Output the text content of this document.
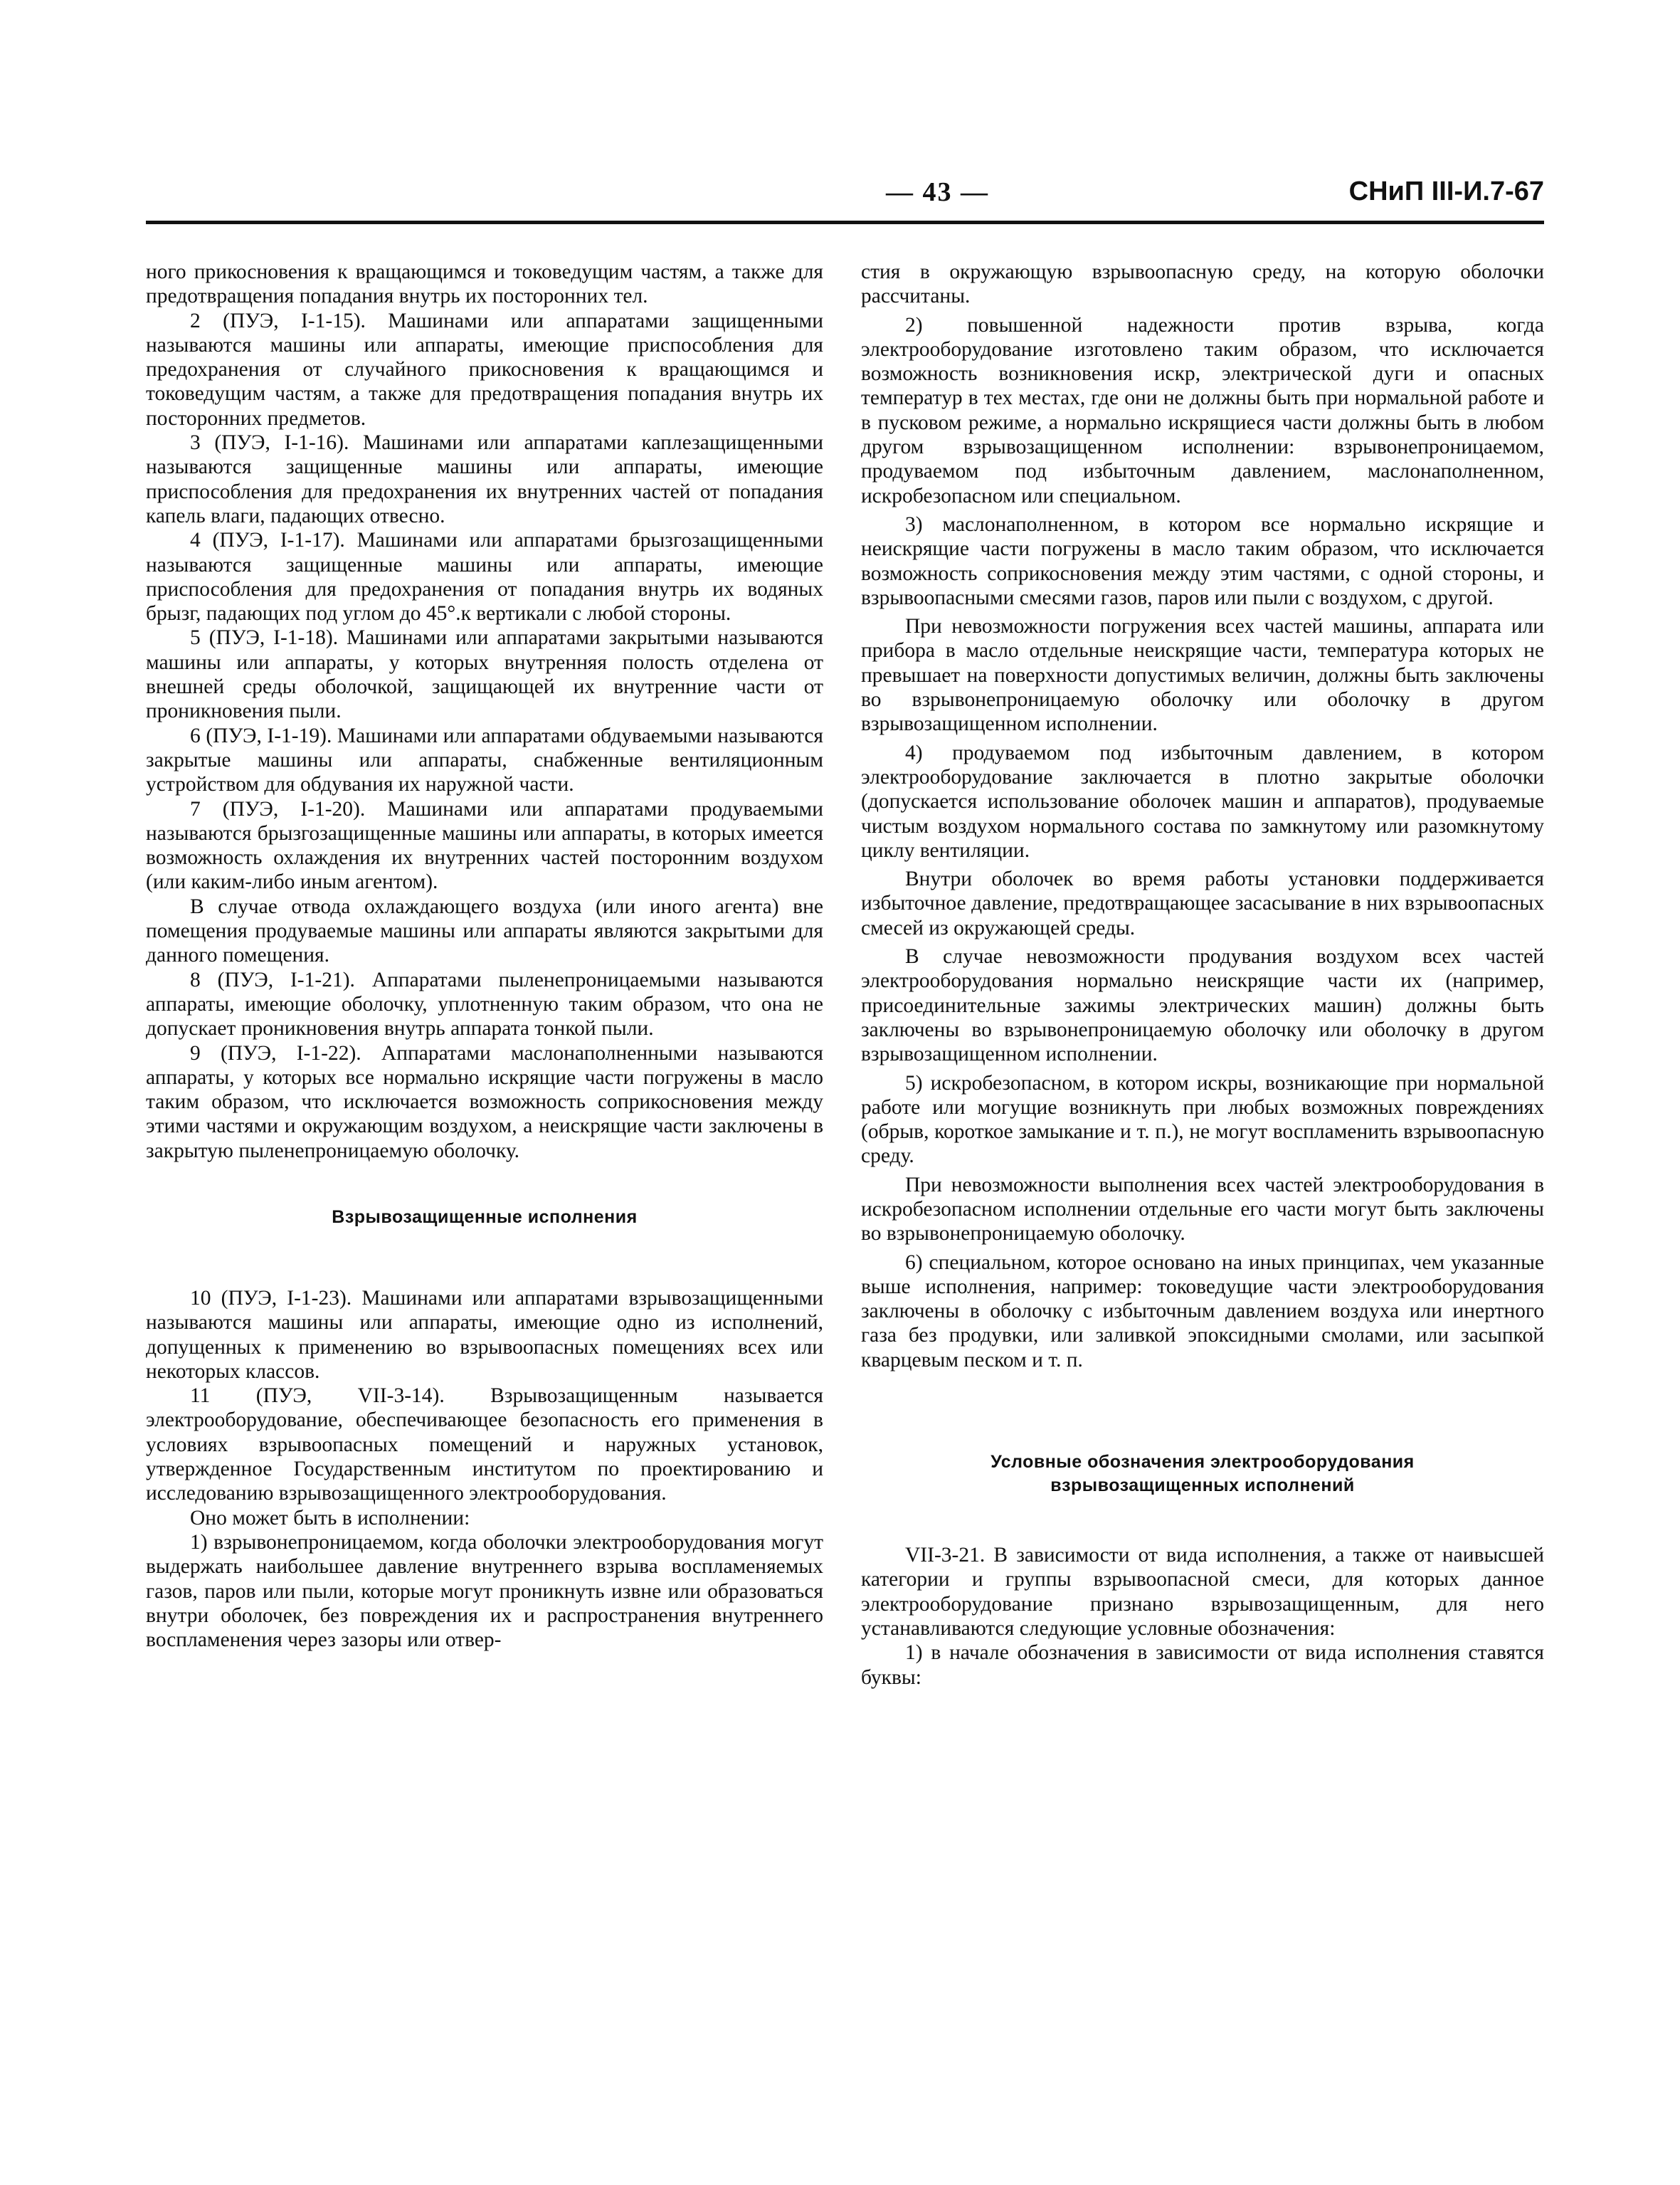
— 43 —	СНиП III-И.7-67

ного прикосновения к вращающимся и токоведущим частям, а также для предотвращения попадания внутрь их посторонних тел.

2 (ПУЭ, I-1-15). Машинами или аппаратами защищенными называются машины или аппараты, имеющие приспособления для предохранения от случайного прикосновения к вращающимся и токоведущим частям, а также для предотвращения попадания внутрь их посторонних предметов.

3 (ПУЭ, I-1-16). Машинами или аппаратами каплезащищенными называются защищенные машины или аппараты, имеющие приспособления для предохранения их внутренних частей от попадания капель влаги, падающих отвесно.

4 (ПУЭ, I-1-17). Машинами или аппаратами брызгозащищенными называются защищенные машины или аппараты, имеющие приспособления для предохранения от попадания внутрь их водяных брызг, падающих под углом до 45°.к вертикали с любой стороны.

5 (ПУЭ, I-1-18). Машинами или аппаратами закрытыми называются машины или аппараты, у которых внутренняя полость отделена от внешней среды оболочкой, защищающей их внутренние части от проникновения пыли.

6 (ПУЭ, I-1-19). Машинами или аппаратами обдуваемыми называются закрытые машины или аппараты, снабженные вентиляционным устройством для обдувания их наружной части.

7 (ПУЭ, I-1-20). Машинами или аппаратами продуваемыми называются брызгозащищенные машины или аппараты, в которых имеется возможность охлаждения их внутренних частей посторонним воздухом (или каким-либо иным агентом).

В случае отвода охлаждающего воздуха (или иного агента) вне помещения продуваемые машины или аппараты являются закрытыми для данного помещения.

8 (ПУЭ, I-1-21). Аппаратами пыленепроницаемыми называются аппараты, имеющие оболочку, уплотненную таким образом, что она не допускает проникновения внутрь аппарата тонкой пыли.

9 (ПУЭ, I-1-22). Аппаратами маслонаполненными называются аппараты, у которых все нормально искрящие части погружены в масло таким образом, что исключается возможность соприкосновения между этими частями и окружающим воздухом, а неискрящие части заключены в закрытую пыленепроницаемую оболочку.

Взрывозащищенные исполнения

10 (ПУЭ, I-1-23). Машинами или аппаратами взрывозащищенными называются машины или аппараты, имеющие одно из исполнений, допущенных к применению во взрывоопасных помещениях всех или некоторых классов.

11 (ПУЭ, VII-3-14). Взрывозащищенным называется электрооборудование, обеспечивающее безопасность его применения в условиях взрывоопасных помещений и наружных установок, утвержденное Государственным институтом по проектированию и исследованию взрывозащищенного электрооборудования.

Оно может быть в исполнении:

1) взрывонепроницаемом, когда оболочки электрооборудования могут выдержать наибольшее давление внутреннего взрыва воспламеняемых газов, паров или пыли, которые могут проникнуть извне или образоваться внутри оболочек, без повреждения их и распространения внутреннего воспламенения через зазоры или отвер-

стия в окружающую взрывоопасную среду, на которую оболочки рассчитаны.

2) повышенной надежности против взрыва, когда электрооборудование изготовлено таким образом, что исключается возможность возникновения искр, электрической дуги и опасных температур в тех местах, где они не должны быть при нормальной работе и в пусковом режиме, а нормально искрящиеся части должны быть в любом другом взрывозащищенном исполнении: взрывонепроницаемом, продуваемом под избыточным давлением, маслонаполненном, искробезопасном или специальном.

3) маслонаполненном, в котором все нормально искрящие и неискрящие части погружены в масло таким образом, что исключается возможность соприкосновения между этим частями, с одной стороны, и взрывоопасными смесями газов, паров или пыли с воздухом, с другой.

При невозможности погружения всех частей машины, аппарата или прибора в масло отдельные неискрящие части, температура которых не превышает на поверхности допустимых величин, должны быть заключены во взрывонепроницаемую оболочку или оболочку в другом взрывозащищенном исполнении.

4) продуваемом под избыточным давлением, в котором электрооборудование заключается в плотно закрытые оболочки (допускается использование оболочек машин и аппаратов), продуваемые чистым воздухом нормального состава по замкнутому или разомкнутому циклу вентиляции.

Внутри оболочек во время работы установки поддерживается избыточное давление, предотвращающее засасывание в них взрывоопасных смесей из окружающей среды.

В случае невозможности продувания воздухом всех частей электрооборудования нормально неискрящие части их (например, присоединительные зажимы электрических машин) должны быть заключены во взрывонепроницаемую оболочку или оболочку в другом взрывозащищенном исполнении.

5) искробезопасном, в котором искры, возникающие при нормальной работе или могущие возникнуть при любых возможных повреждениях (обрыв, короткое замыкание и т. п.), не могут воспламенить взрывоопасную среду.

При невозможности выполнения всех частей электрооборудования в искробезопасном исполнении отдельные его части могут быть заключены во взрывонепроницаемую оболочку.

6) специальном, которое основано на иных принципах, чем указанные выше исполнения, например: токоведущие части электрооборудования заключены в оболочку с избыточным давлением воздуха или инертного газа без продувки, или заливкой эпоксидными смолами, или засыпкой кварцевым песком и т. п.

Условные обозначения электрооборудования
взрывозащищенных исполнений

VII-3-21. В зависимости от вида исполнения, а также от наивысшей категории и группы взрывоопасной смеси, для которых данное электрооборудование признано взрывозащищенным, для него устанавливаются следующие условные обозначения:

1) в начале обозначения в зависимости от вида исполнения ставятся буквы:
